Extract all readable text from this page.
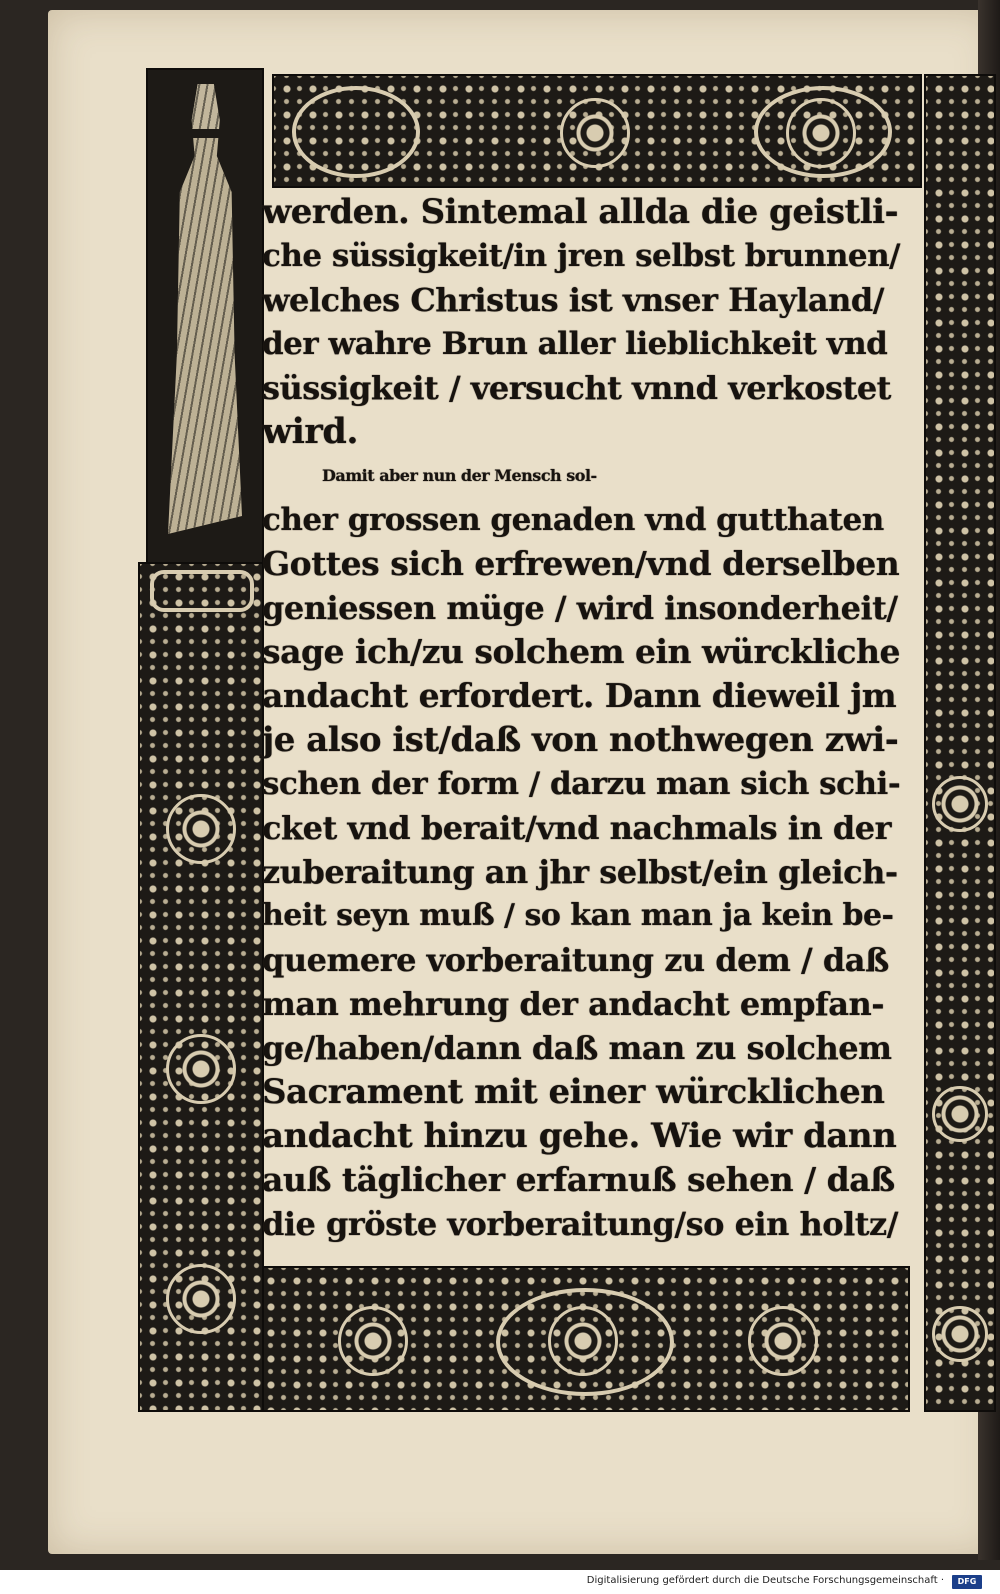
werden. Sintemal allda die geistli-
che süssigkeit/in jren selbst brunnen/
welches Christus ist vnser Hayland/
der wahre Brun aller lieblichkeit vnd
süssigkeit / versucht vnnd verkostet
wird.
Damit aber nun der Mensch sol-
cher grossen genaden vnd gutthaten
Gottes sich erfrewen/vnd derselben
geniessen müge / wird insonderheit/
sage ich/zu solchem ein würckliche
andacht erfordert. Dann dieweil jm
je also ist/daß von nothwegen zwi-
schen der form / darzu man sich schi-
cket vnd berait/vnd nachmals in der
zuberaitung an jhr selbst/ein gleich-
heit seyn muß / so kan man ja kein be-
quemere vorberaitung zu dem / daß
man mehrung der andacht empfan-
ge/haben/dann daß man zu solchem
Sacrament mit einer würcklichen
andacht hinzu gehe. Wie wir dann
auß täglicher erfarnuß sehen / daß
die gröste vorberaitung/so ein holtz/
Digitalisierung gefördert durch die Deutsche Forschungsgemeinschaft ·	DFG
